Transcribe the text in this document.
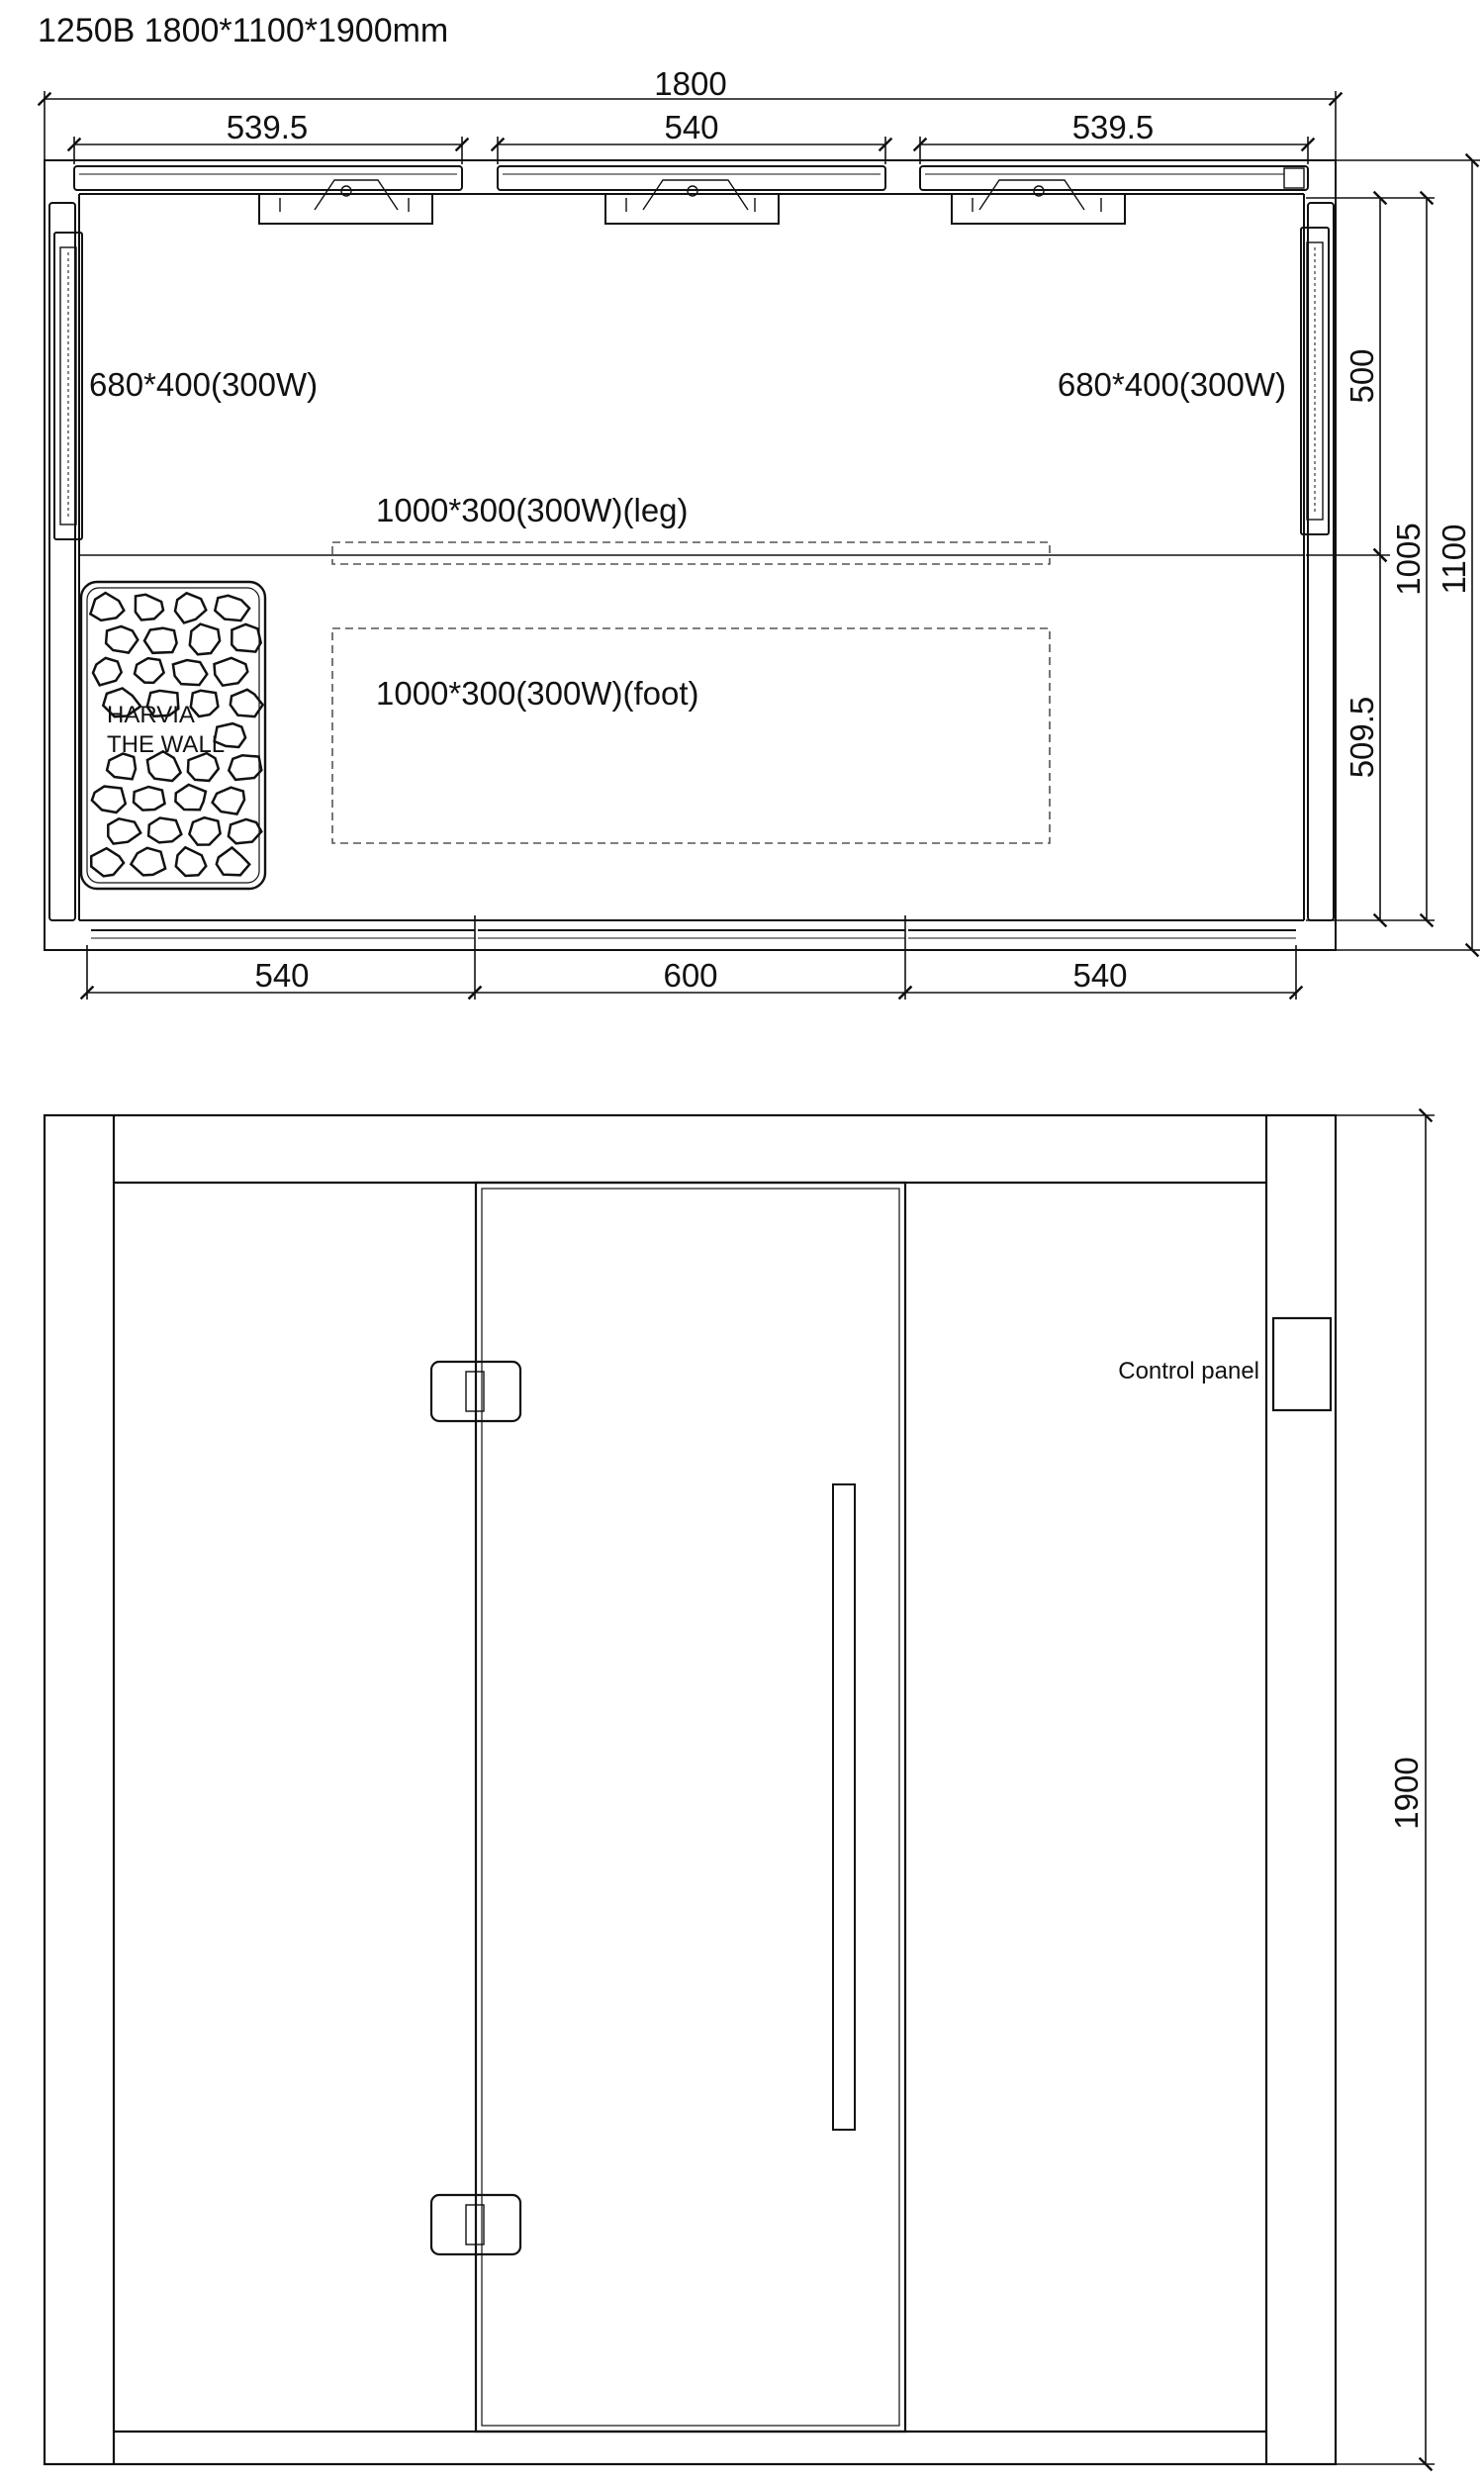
1250B 1800*1100*1900mm
1800
539.5	540	539.5
540	600	540
680*400(300W)	680*400(300W)
1000*300(300W)(leg)
1000*300(300W)(foot)
500
509.5
1005 1100
HARVIA
THE WALL
Control panel
1900
